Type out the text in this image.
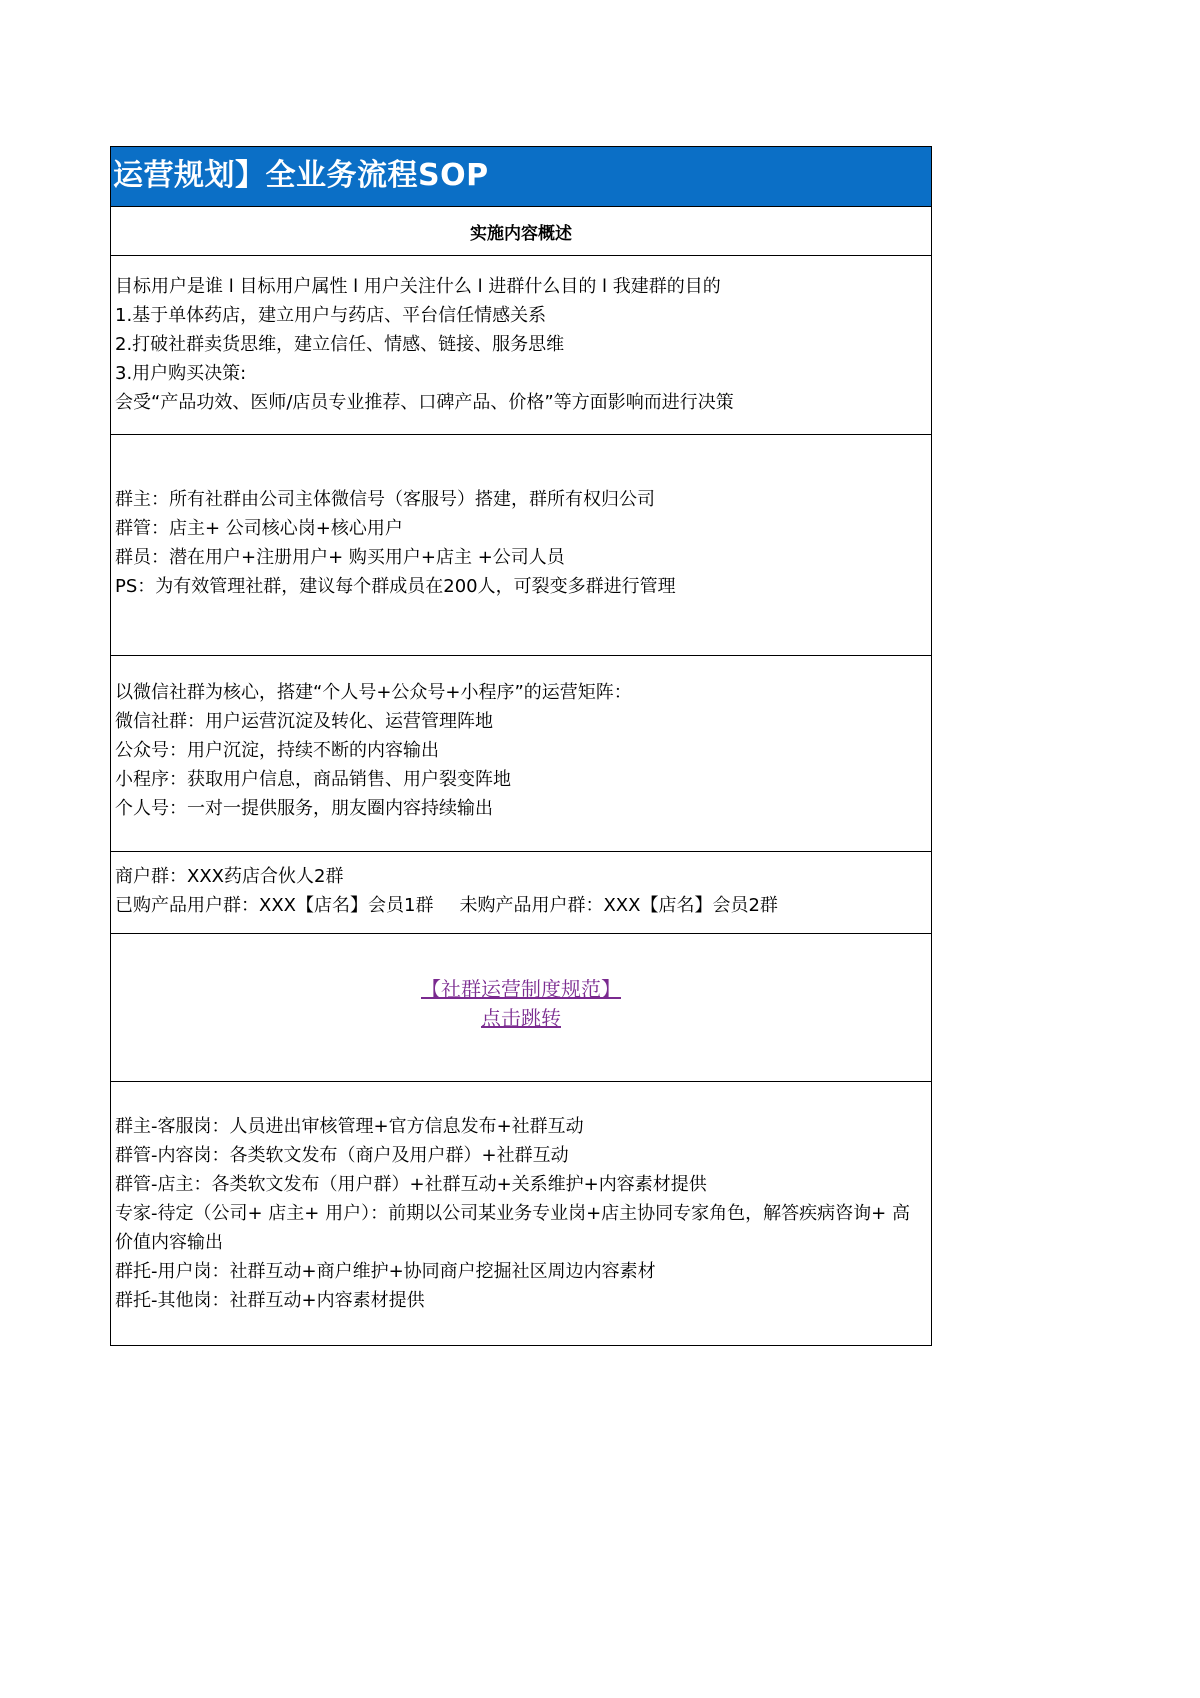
运营规划】全业务流程SOP
实施内容概述
目标用户是谁 l 目标用户属性 l 用户关注什么 l 进群什么目的 l 我建群的目的
1.基于单体药店，建立用户与药店、平台信任情感关系
2.打破社群卖货思维，建立信任、情感、链接、服务思维
3.用户购买决策:
会受“产品功效、医师/店员专业推荐、口碑产品、价格”等方面影响而进行决策
群主：所有社群由公司主体微信号（客服号）搭建，群所有权归公司
群管：店主+ 公司核心岗+核心用户
群员：潜在用户+注册用户+ 购买用户+店主 +公司人员
PS：为有效管理社群，建议每个群成员在200人，可裂变多群进行管理
以微信社群为核心，搭建“个人号+公众号+小程序”的运营矩阵：
微信社群：用户运营沉淀及转化、运营管理阵地
公众号：用户沉淀，持续不断的内容输出
小程序：获取用户信息，商品销售、用户裂变阵地
个人号：一对一提供服务，朋友圈内容持续输出
商户群：XXX药店合伙人2群
已购产品用户群：XXX【店名】会员1群 未购产品用户群：XXX【店名】会员2群
【社群运营制度规范】
点击跳转
群主-客服岗：人员进出审核管理+官方信息发布+社群互动
群管-内容岗：各类软文发布（商户及用户群）+社群互动
群管-店主：各类软文发布（用户群）+社群互动+关系维护+内容素材提供
专家-待定（公司+ 店主+ 用户）：前期以公司某业务专业岗+店主协同专家角色，解答疾病咨询+ 高价值内容输出
群托-用户岗：社群互动+商户维护+协同商户挖掘社区周边内容素材
群托-其他岗：社群互动+内容素材提供
